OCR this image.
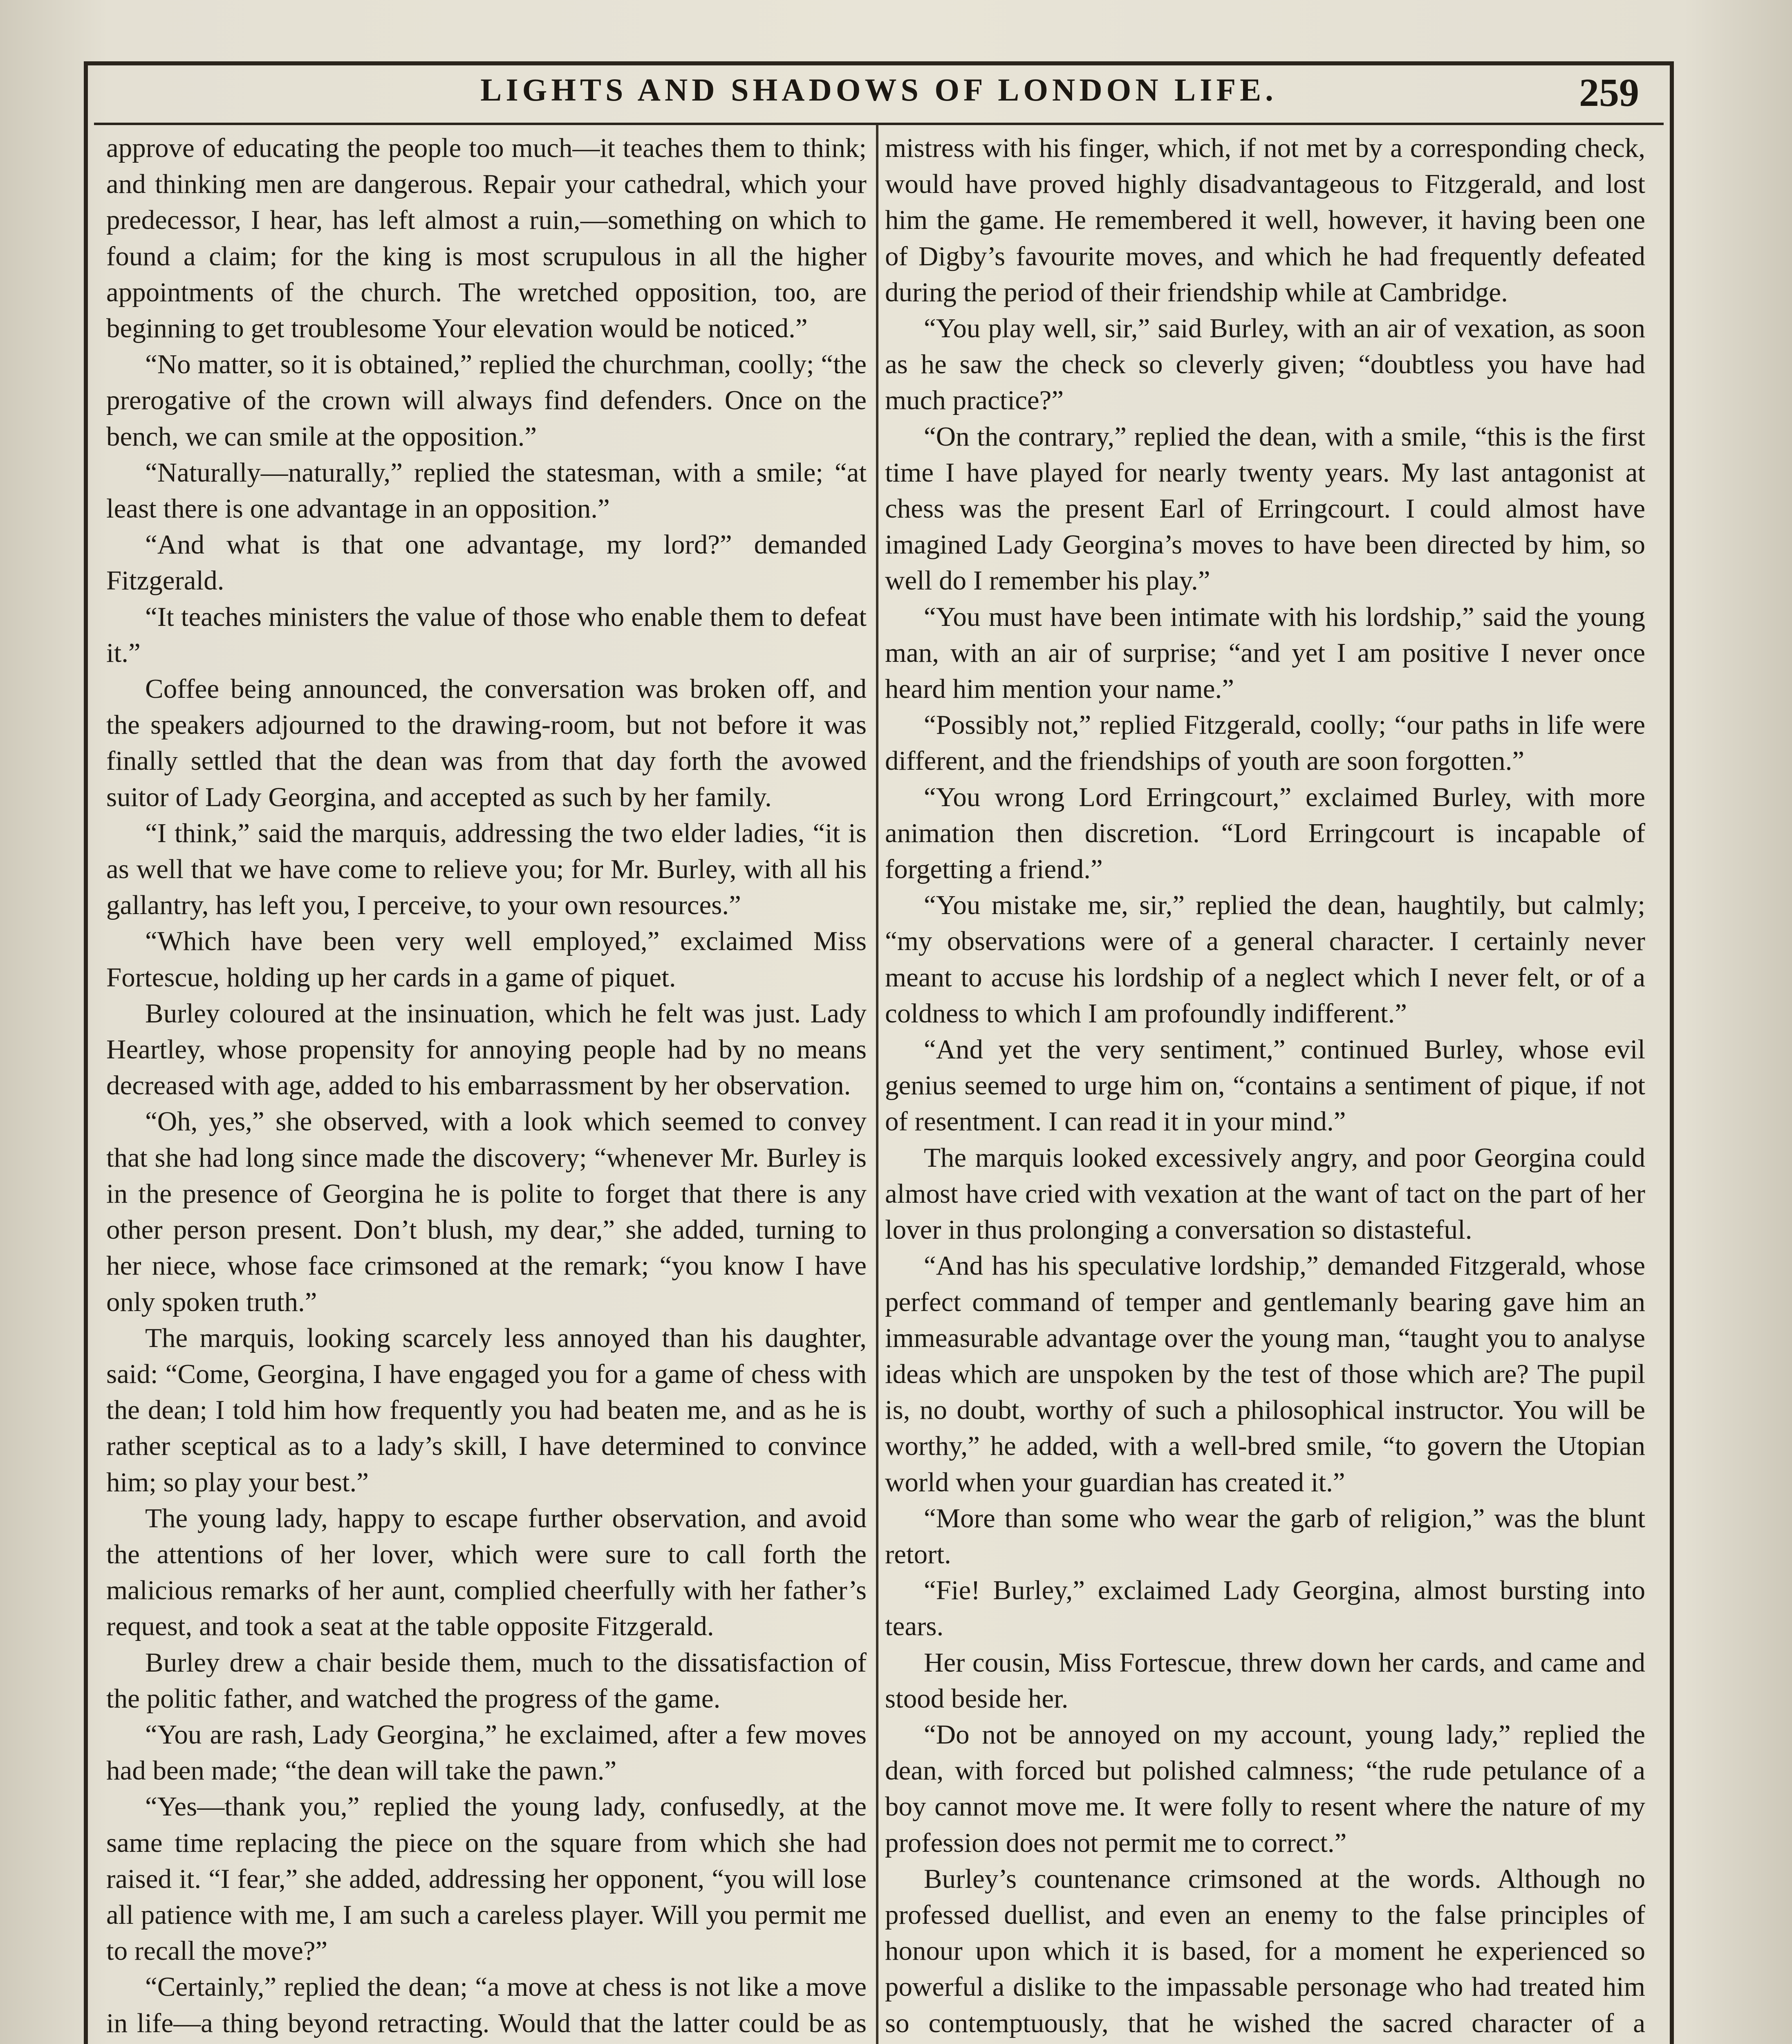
LIGHTS AND SHADOWS OF LONDON LIFE.	259

approve of educating the people too much—it teaches them to think; and thinking men are dangerous. Repair your cathedral, which your predecessor, I hear, has left almost a ruin,—something on which to found a claim; for the king is most scrupulous in all the higher appointments of the church. The wretched opposition, too, are beginning to get troublesome Your elevation would be noticed.”

“No matter, so it is obtained,” replied the churchman, coolly; “the prerogative of the crown will always find defenders. Once on the bench, we can smile at the opposition.”

“Naturally—naturally,” replied the statesman, with a smile; “at least there is one advantage in an opposition.”

“And what is that one advantage, my lord?” demanded Fitzgerald.

“It teaches ministers the value of those who enable them to defeat it.”

Coffee being announced, the conversation was broken off, and the speakers adjourned to the drawing-room, but not before it was finally settled that the dean was from that day forth the avowed suitor of Lady Georgina, and accepted as such by her family.

“I think,” said the marquis, addressing the two elder ladies, “it is as well that we have come to relieve you; for Mr. Burley, with all his gallantry, has left you, I perceive, to your own resources.”

“Which have been very well employed,” exclaimed Miss Fortescue, holding up her cards in a game of piquet.

Burley coloured at the insinuation, which he felt was just. Lady Heartley, whose propensity for annoying people had by no means decreased with age, added to his embarrassment by her observation.

“Oh, yes,” she observed, with a look which seemed to convey that she had long since made the discovery; “whenever Mr. Burley is in the presence of Georgina he is polite to forget that there is any other person present. Don’t blush, my dear,” she added, turning to her niece, whose face crimsoned at the remark; “you know I have only spoken truth.”

The marquis, looking scarcely less annoyed than his daughter, said: “Come, Georgina, I have engaged you for a game of chess with the dean; I told him how frequently you had beaten me, and as he is rather sceptical as to a lady’s skill, I have determined to convince him; so play your best.”

The young lady, happy to escape further observation, and avoid the attentions of her lover, which were sure to call forth the malicious remarks of her aunt, complied cheerfully with her father’s request, and took a seat at the table opposite Fitzgerald.

Burley drew a chair beside them, much to the dissatisfaction of the politic father, and watched the progress of the game.

“You are rash, Lady Georgina,” he exclaimed, after a few moves had been made; “the dean will take the pawn.”

“Yes—thank you,” replied the young lady, confusedly, at the same time replacing the piece on the square from which she had raised it. “I fear,” she added, addressing her opponent, “you will lose all patience with me, I am such a careless player. Will you permit me to recall the move?”

“Certainly,” replied the dean; “a move at chess is not like a move in life—a thing beyond retracting. Would that the latter could be as

mistress with his finger, which, if not met by a corresponding check, would have proved highly disadvantageous to Fitzgerald, and lost him the game. He remembered it well, however, it having been one of Digby’s favourite moves, and which he had frequently defeated during the period of their friendship while at Cambridge.

“You play well, sir,” said Burley, with an air of vexation, as soon as he saw the check so cleverly given; “doubtless you have had much practice?”

“On the contrary,” replied the dean, with a smile, “this is the first time I have played for nearly twenty years. My last antagonist at chess was the present Earl of Erringcourt. I could almost have imagined Lady Georgina’s moves to have been directed by him, so well do I remember his play.”

“You must have been intimate with his lordship,” said the young man, with an air of surprise; “and yet I am positive I never once heard him mention your name.”

“Possibly not,” replied Fitzgerald, coolly; “our paths in life were different, and the friendships of youth are soon forgotten.”

“You wrong Lord Erringcourt,” exclaimed Burley, with more animation then discretion. “Lord Erringcourt is incapable of forgetting a friend.”

“You mistake me, sir,” replied the dean, haughtily, but calmly; “my observations were of a general character. I certainly never meant to accuse his lordship of a neglect which I never felt, or of a coldness to which I am profoundly indifferent.”

“And yet the very sentiment,” continued Burley, whose evil genius seemed to urge him on, “contains a sentiment of pique, if not of resentment. I can read it in your mind.”

The marquis looked excessively angry, and poor Georgina could almost have cried with vexation at the want of tact on the part of her lover in thus prolonging a conversation so distasteful.

“And has his speculative lordship,” demanded Fitzgerald, whose perfect command of temper and gentlemanly bearing gave him an immeasurable advantage over the young man, “taught you to analyse ideas which are unspoken by the test of those which are? The pupil is, no doubt, worthy of such a philosophical instructor. You will be worthy,” he added, with a well-bred smile, “to govern the Utopian world when your guardian has created it.”

“More than some who wear the garb of religion,” was the blunt retort.

“Fie! Burley,” exclaimed Lady Georgina, almost bursting into tears.

Her cousin, Miss Fortescue, threw down her cards, and came and stood beside her.

“Do not be annoyed on my account, young lady,” replied the dean, with forced but polished calmness; “the rude petulance of a boy cannot move me. It were folly to resent where the nature of my profession does not permit me to correct.”

Burley’s countenance crimsoned at the words. Although no professed duellist, and even an enemy to the false principles of honour upon which it is based, for a moment he experienced so powerful a dislike to the impassable personage who had treated him so contemptuously, that he wished the sacred character of a
